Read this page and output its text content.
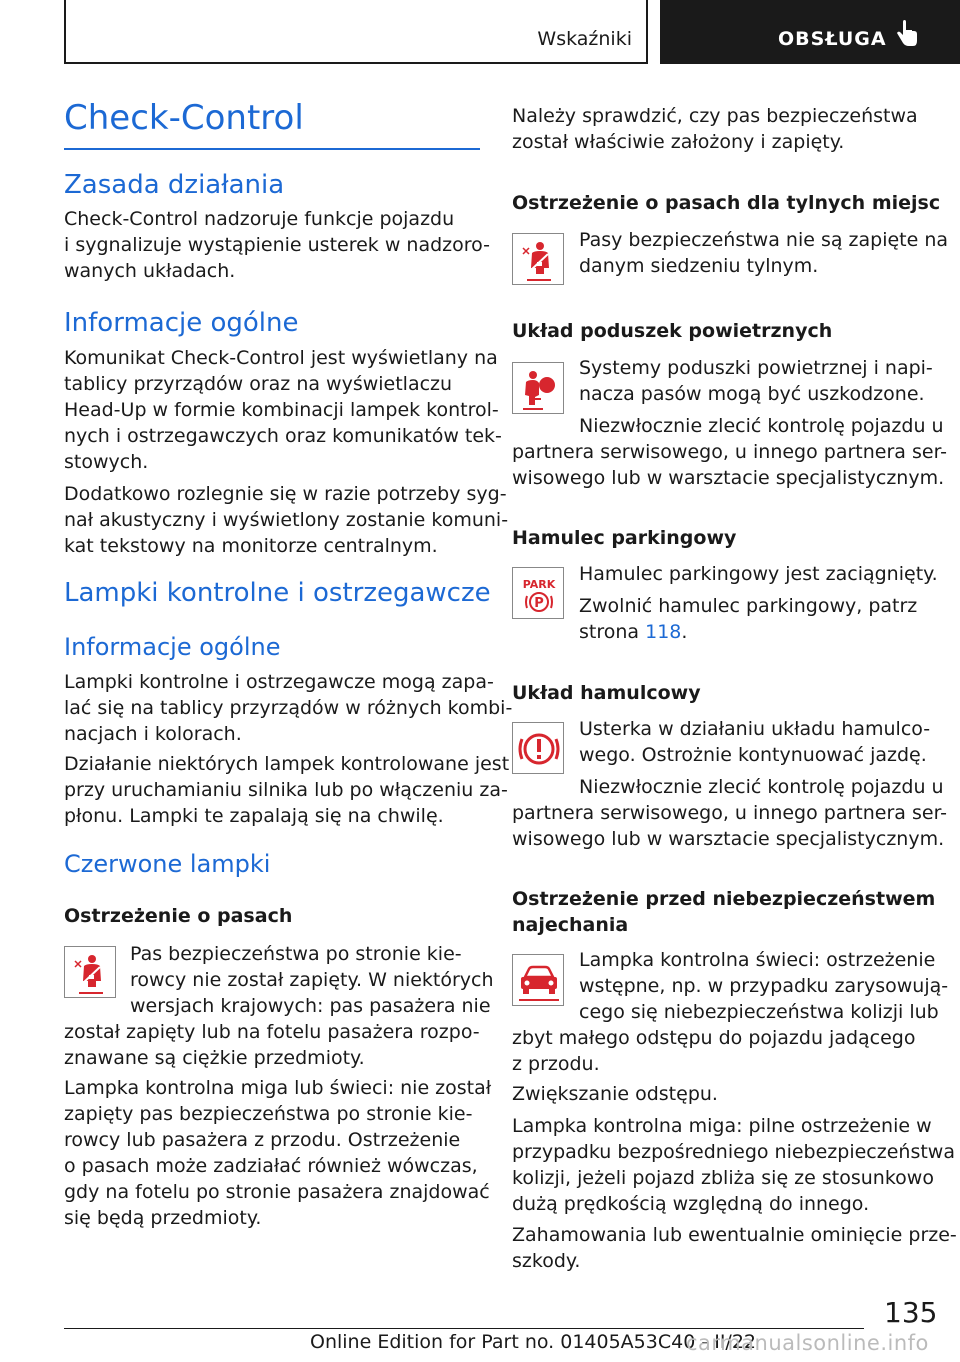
Wskaźniki	OBSŁUGA
Check-Control
Zasada działania

Check-Control nadzoruje funkcje pojazdu

i sygnalizuje wystąpienie usterek w nadzoro-

wanych układach.

Informacje ogólne

Komunikat Check-Control jest wyświetlany na

tablicy przyrządów oraz na wyświetlaczu

Head-Up w formie kombinacji lampek kontrol-

nych i ostrzegawczych oraz komunikatów tek-

stowych.

Dodatkowo rozlegnie się w razie potrzeby syg-

nał akustyczny i wyświetlony zostanie komuni-

kat tekstowy na monitorze centralnym.

Lampki kontrolne i ostrzegawcze
Informacje ogólne

Lampki kontrolne i ostrzegawcze mogą zapa-

lać się na tablicy przyrządów w różnych kombi-

nacjach i kolorach.

Działanie niektórych lampek kontrolowane jest

przy uruchamianiu silnika lub po włączeniu za-

płonu. Lampki te zapalają się na chwilę.

Czerwone lampki

Ostrzeżenie o pasach

Pas bezpieczeństwa po stronie kie-

rowcy nie został zapięty. W niektórych

wersjach krajowych: pas pasażera nie

został zapięty lub na fotelu pasażera rozpo-

znawane są ciężkie przedmioty.

Lampka kontrolna miga lub świeci: nie został

zapięty pas bezpieczeństwa po stronie kie-

rowcy lub pasażera z przodu. Ostrzeżenie

o pasach może zadziałać również wówczas,

gdy na fotelu po stronie pasażera znajdować

się będą przedmioty.

Należy sprawdzić, czy pas bezpieczeństwa

został właściwie założony i zapięty.

Ostrzeżenie o pasach dla tylnych miejsc

Pasy bezpieczeństwa nie są zapięte na

danym siedzeniu tylnym.

Układ poduszek powietrznych

Systemy poduszki powietrznej i napi-

nacza pasów mogą być uszkodzone.

Niezwłocznie zlecić kontrolę pojazdu u

partnera serwisowego, u innego partnera ser-

wisowego lub w warsztacie specjalistycznym.

Hamulec parkingowy

PARK
P

Hamulec parkingowy jest zaciągnięty.

Zwolnić hamulec parkingowy, patrz

strona 118.

Układ hamulcowy

Usterka w działaniu układu hamulco-

wego. Ostrożnie kontynuować jazdę.

Niezwłocznie zlecić kontrolę pojazdu u

partnera serwisowego, u innego partnera ser-

wisowego lub w warsztacie specjalistycznym.

Ostrzeżenie przed niebezpieczeństwem

najechania

Lampka kontrolna świeci: ostrzeżenie

wstępne, np. w przypadku zarysowują-

cego się niebezpieczeństwa kolizji lub

zbyt małego odstępu do pojazdu jadącego

z przodu.

Zwiększanie odstępu.

Lampka kontrolna miga: pilne ostrzeżenie w

przypadku bezpośredniego niebezpieczeństwa

kolizji, jeżeli pojazd zbliża się ze stosunkowo

dużą prędkością względną do innego.

Zahamowania lub ewentualnie ominięcie prze-

szkody.

135
Online Edition for Part no. 01405A53C40 - II/22
carmanualsonline.info
